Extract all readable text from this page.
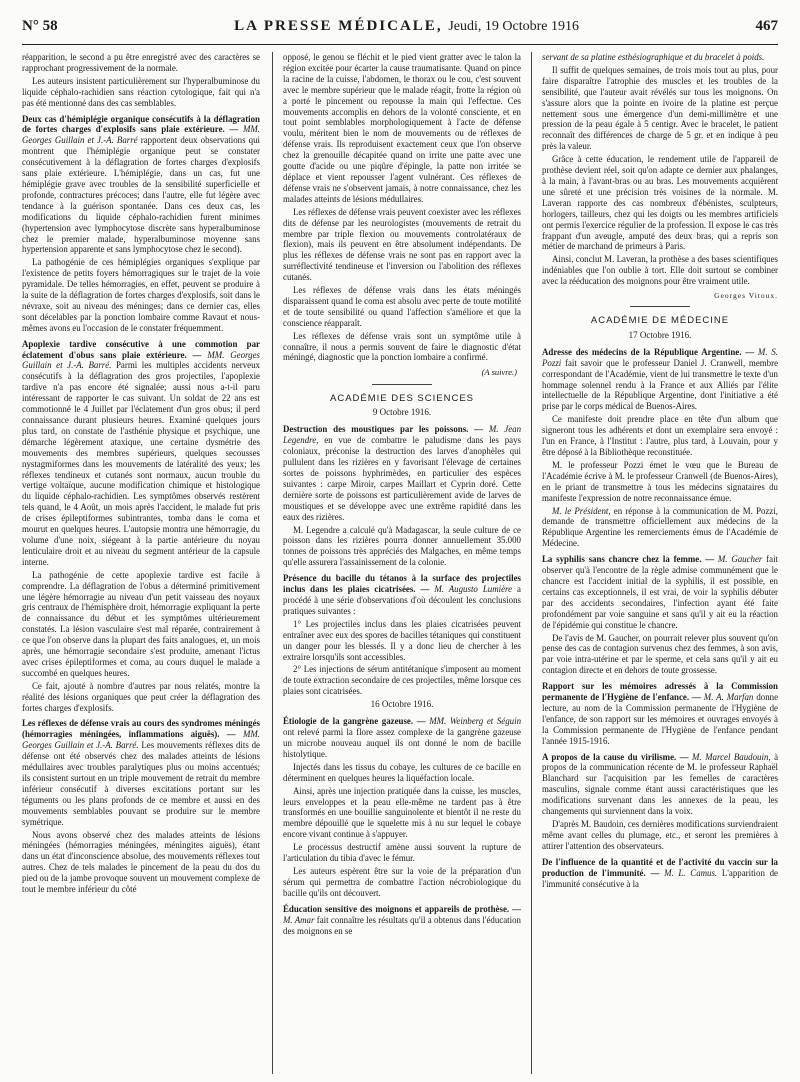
N° 58	LA PRESSE MÉDICALE, Jeudi, 19 Octobre 1916	467

réapparition, le second a pu être enregistré avec des caractères se rapprochant progressivement de la normale.

Les auteurs insistent particulièrement sur l'hyperalbuminose du liquide céphalo-rachidien sans réaction cytologique, fait qui n'a pas été mentionné dans des cas semblables.

Deux cas d'hémiplégie organique consécutifs à la déflagration de fortes charges d'explosifs sans plaie extérieure. — MM. Georges Guillain et J.-A. Barré rapportent deux observations qui montrent que l'hémiplégie organique peut se constater consécutivement à la déflagration de fortes charges d'explosifs sans plaie extérieure. L'hémiplégie, dans un cas, fut une hémiplégie grave avec troubles de la sensibilité superficielle et profonde, contractures précoces; dans l'autre, elle fut légère avec tendance à la guérison spontanée. Dans ces deux cas, les modifications du liquide céphalo-rachidien furent minimes (hypertension avec lymphocytose discrète sans hyperalbuminose chez le premier malade, hyperalbuminose moyenne sans hypertension apparente et sans lymphocytose chez le second).

La pathogénie de ces hémiplégies organiques s'explique par l'existence de petits foyers hémorragiques sur le trajet de la voie pyramidale. De telles hémorragies, en effet, peuvent se produire à la suite de la déflagration de fortes charges d'explosifs, soit dans le névraxe, soit au niveau des méninges; dans ce dernier cas, elles sont décelables par la ponction lombaire comme Ravaut et nous-mêmes avons eu l'occasion de le constater fréquemment.

Apoplexie tardive consécutive à une commotion par éclatement d'obus sans plaie extérieure. — MM. Georges Guillain et J.-A. Barré. Parmi les multiples accidents nerveux consécutifs à la déflagration des gros projectiles, l'apoplexie tardive n'a pas encore été signalée; aussi nous a-t-il paru intéressant de rapporter le cas suivant. Un soldat de 22 ans est commotionné le 4 Juillet par l'éclatement d'un gros obus; il perd connaissance durant plusieurs heures. Examiné quelques jours plus tard, on constate de l'asthénie physique et psychique, une démarche légèrement ataxique, une certaine dysmétrie des mouvements des membres supérieurs, quelques secousses nystagmiformes dans les mouvements de latéralité des yeux; les réflexes tendineux et cutanés sont normaux, aucun trouble du vertige voltaïque, aucune modification chimique et histologique du liquide céphalo-rachidien. Les symptômes observés restèrent tels quand, le 4 Août, un mois après l'accident, le malade fut pris de crises épileptiformes subintrantes, tomba dans le coma et mourut en quelques heures. L'autopsie montra une hémorragie, du volume d'une noix, siégeant à la partie antérieure du noyau lenticulaire droit et au niveau du segment antérieur de la capsule interne.

La pathogénie de cette apoplexie tardive est facile à comprendre. La déflagration de l'obus a déterminé primitivement une légère hémorragie au niveau d'un petit vaisseau des noyaux gris centraux de l'hémisphère droit, hémorragie expliquant la perte de connaissance du début et les symptômes ultérieurement constatés. La lésion vasculaire s'est mal réparée, contrairement à ce que l'on observe dans la plupart des faits analogues, et, un mois après, une hémorragie secondaire s'est produite, amenant l'ictus avec crises épileptiformes et coma, au cours duquel le malade a succombé en quelques heures.

Ce fait, ajouté à nombre d'autres par nous relatés, montre la réalité des lésions organiques que peut créer la déflagration des fortes charges d'explosifs.

Les réflexes de défense vrais au cours des syndromes méningés (hémorragies méningées, inflammations aiguës). — MM. Georges Guillain et J.-A. Barré. Les mouvements réflexes dits de défense ont été observés chez des malades atteints de lésions médullaires avec troubles paralytiques plus ou moins accentués; ils consistent surtout en un triple mouvement de retrait du membre inférieur consécutif à diverses excitations portant sur les téguments ou les plans profonds de ce membre et aussi en des mouvements semblables pouvant se produire sur le membre symétrique.

Nous avons observé chez des malades atteints de lésions méningées (hémorragies méningées, méningites aiguës), étant dans un état d'inconscience absolue, des mouvements réflexes tout autres. Chez de tels malades le pincement de la peau du dos du pied ou de la jambe provoque souvent un mouvement complexe de tout le membre inférieur du côté

opposé, le genou se fléchit et le pied vient gratter avec le talon la région excitée pour écarter la cause traumatisante. Quand on pince la racine de la cuisse, l'abdomen, le thorax ou le cou, c'est souvent avec le membre supérieur que le malade réagit, frotte la région où a porté le pincement ou repousse la main qui l'effectue. Ces mouvements accomplis en dehors de la volonté consciente, et en tout point semblables morphologiquement à l'acte de défense voulu, méritent bien le nom de mouvements ou de réflexes de défense vrais. Ils reproduisent exactement ceux que l'on observe chez la grenouille décapitée quand on irrite une patte avec une goutte d'acide ou une piqûre d'épingle, la patte non irritée se déplace et vient repousser l'agent vulnérant. Ces réflexes de défense vrais ne s'observent jamais, à notre connaissance, chez les malades atteints de lésions médullaires.

Les réflexes de défense vrais peuvent coexister avec les réflexes dits de défense par les neurologistes (mouvements de retrait du membre par triple flexion ou mouvements controlatéraux de flexion), mais ils peuvent en être absolument indépendants. De plus les réflexes de défense vrais ne sont pas en rapport avec la surréflectivité tendineuse et l'inversion ou l'abolition des réflexes cutanés.

Les réflexes de défense vrais dans les états méningés disparaissent quand le coma est absolu avec perte de toute motilité et de toute sensibilité ou quand l'affection s'améliore et que la conscience réapparaît.

Les réflexes de défense vrais sont un symptôme utile à connaître, il nous a permis souvent de faire le diagnostic d'état méningé, diagnostic que la ponction lombaire a confirmé.

(A suivre.)
ACADÉMIE DES SCIENCES
9 Octobre 1916.

Destruction des moustiques par les poissons. — M. Jean Legendre, en vue de combattre le paludisme dans les pays coloniaux, préconise la destruction des larves d'anophèles qui pullulent dans les rizières en y favorisant l'élevage de certaines sortes de poissons hyphrimèdes, en particulier des espèces suivantes : carpe Miroir, carpes Maillart et Cyprin doré. Cette dernière sorte de poissons est particulièrement avide de larves de moustiques et se développe avec une extrême rapidité dans les eaux des rizières.

M. Legendre a calculé qu'à Madagascar, la seule culture de ce poisson dans les rizières pourra donner annuellement 35.000 tonnes de poissons très appréciés des Malgaches, en même temps qu'elle assurera l'assainissement de la colonie.

Présence du bacille du tétanos à la surface des projectiles inclus dans les plaies cicatrisées. — M. Augusto Lumière a procédé à une série d'observations d'où découlent les conclusions pratiques suivantes :

1° Les projectiles inclus dans les plaies cicatrisées peuvent entraîner avec eux des spores de bacilles tétaniques qui constituent un danger pour les blessés. Il y a donc lieu de chercher à les extraire lorsqu'ils sont accessibles.

2° Les injections de sérum antitétanique s'imposent au moment de toute extraction secondaire de ces projectiles, même lorsque ces plaies sont cicatrisées.

16 Octobre 1916.

Étiologie de la gangrène gazeuse. — MM. Weinberg et Séguin ont relevé parmi la flore assez complexe de la gangrène gazeuse un microbe nouveau auquel ils ont donné le nom de bacille histolytique.

Injectés dans les tissus du cobaye, les cultures de ce bacille en déterminent en quelques heures la liquéfaction locale.

Ainsi, après une injection pratiquée dans la cuisse, les muscles, leurs enveloppes et la peau elle-même ne tardent pas à être transformés en une bouillie sanguinolente et bientôt il ne reste du membre dépouillé que le squelette mis à nu sur lequel le cobaye encore vivant continue à s'appuyer.

Le processus destructif amène aussi souvent la rupture de l'articulation du tibia d'avec le fémur.

Les auteurs espèrent être sur la voie de la préparation d'un sérum qui permettra de combattre l'action nécrobiologique du bacille qu'ils ont découvert.

Éducation sensitive des moignons et appareils de prothèse. — M. Amar fait connaître les résultats qu'il a obtenus dans l'éducation des moignons en se

servant de sa platine esthésiographique et du bracelet à poids.

Il suffit de quelques semaines, de trois mois tout au plus, pour faire disparaître l'atrophie des muscles et les troubles de la sensibilité, que l'auteur avait révélés sur tous les moignons. On s'assure alors que la pointe en ivoire de la platine est perçue nettement sous une émergence d'un demi-millimètre et une pression de la peau égale à 5 centigr. Avec le bracelet, le patient reconnaît des différences de charge de 5 gr. et en indique à peu près la valeur.

Grâce à cette éducation, le rendement utile de l'appareil de prothèse devient réel, soit qu'on adapte ce dernier aux phalanges, à la main, à l'avant-bras ou au bras. Les mouvements acquièrent une sûreté et une précision très voisines de la normale. M. Laveran rapporte des cas nombreux d'ébénistes, sculpteurs, horlogers, tailleurs, chez qui les doigts ou les membres artificiels ont permis l'exercice régulier de la profession. Il expose le cas très frappant d'un aveugle, amputé des deux bras, qui a repris son métier de marchand de primeurs à Paris.

Ainsi, conclut M. Laveran, la prothèse a des bases scientifiques indéniables que l'on oublie à tort. Elle doit surtout se combiner avec la rééducation des moignons pour être vraiment utile.

Georges Vitoux.
ACADÉMIE DE MÉDECINE
17 Octobre 1916.

Adresse des médecins de la République Argentine. — M. S. Pozzi fait savoir que le professeur Daniel J. Cranwell, membre correspondant de l'Académie, vient de lui transmettre le texte d'un hommage solennel rendu à la France et aux Alliés par l'élite intellectuelle de la République Argentine, dont l'initiative a été prise par le corps médical de Buenos-Aires.

Ce manifeste doit prendre place en tête d'un album que signeront tous les adhérents et dont un exemplaire sera envoyé : l'un en France, à l'Institut : l'autre, plus tard, à Louvain, pour y être déposé à la Bibliothèque reconstituée.

M. le professeur Pozzi émet le vœu que le Bureau de l'Académie écrive à M. le professeur Cranwell (de Buenos-Aires), en le priant de transmettre à tous les médecins signataires du manifeste l'expression de notre reconnaissance émue.

M. le Président, en réponse à la communication de M. Pozzi, demande de transmettre officiellement aux médecins de la République Argentine les remerciements émus de l'Académie de Médecine.

La syphilis sans chancre chez la femme. — M. Gaucher fait observer qu'à l'encontre de la règle admise communément que le chancre est l'accident initial de la syphilis, il est possible, en certains cas exceptionnels, il est vrai, de voir la syphilis débuter par des accidents secondaires, l'infection ayant été faite profondément par voie sanguine et sans qu'il y ait eu la réaction de l'épidémie qui constitue le chancre.

De l'avis de M. Gaucher, on pourrait relever plus souvent qu'on pense des cas de contagion survenus chez des femmes, à son avis, par voie intra-utérine et par le sperme, et cela sans qu'il y ait eu contagion directe et en dehors de toute grossesse.

Rapport sur les mémoires adressés à la Commission permanente de l'Hygiène de l'enfance. — M. A. Marfan donne lecture, au nom de la Commission permanente de l'Hygiène de l'enfance, de son rapport sur les mémoires et ouvrages envoyés à la Commission permanente de l'Hygiène de l'enfance pendant l'année 1915-1916.

A propos de la cause du virilisme. — M. Marcel Baudouin, à propos de la communication récente de M. le professeur Raphaël Blanchard sur l'acquisition par les femelles de caractères masculins, signale comme étant aussi caractéristiques que les modifications survenant dans les annexes de la peau, les changements qui surviennent dans la voix.

D'après M. Baudoin, ces dernières modifications surviendraient même avant celles du plumage, etc., et seront les premières à attirer l'attention des observateurs.

De l'influence de la quantité et de l'activité du vaccin sur la production de l'immunité. — M. L. Camus. L'apparition de l'immunité consécutive à la
